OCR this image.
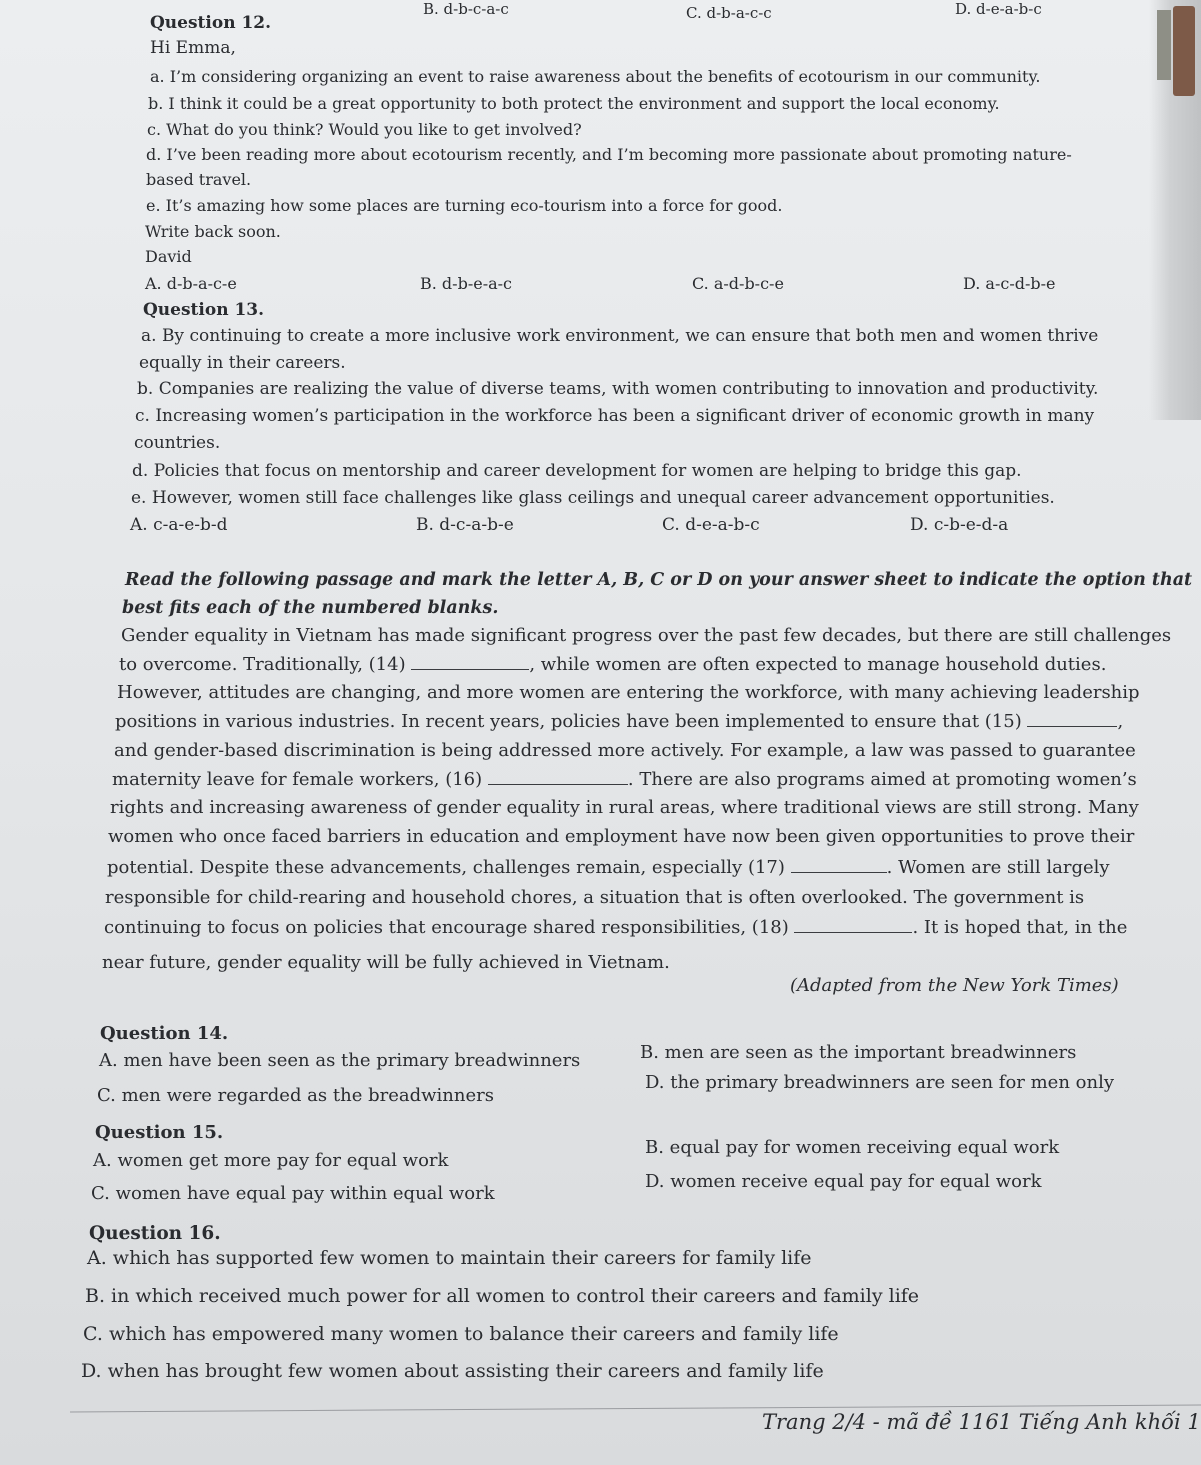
B. d-b-c-a-c	C. d-b-a-c-c	D. d-e-a-b-c
Question 12.
Hi Emma,
a. I’m considering organizing an event to raise awareness about the benefits of ecotourism in our community.
b. I think it could be a great opportunity to both protect the environment and support the local economy.
c. What do you think? Would you like to get involved?
d. I’ve been reading more about ecotourism recently, and I’m becoming more passionate about promoting nature-
based travel.
e. It’s amazing how some places are turning eco-tourism into a force for good.
Write back soon.
David
A. d-b-a-c-e	B. d-b-e-a-c	C. a-d-b-c-e	D. a-c-d-b-e
Question 13.
a. By continuing to create a more inclusive work environment, we can ensure that both men and women thrive
equally in their careers.
b. Companies are realizing the value of diverse teams, with women contributing to innovation and productivity.
c. Increasing women’s participation in the workforce has been a significant driver of economic growth in many
countries.
d. Policies that focus on mentorship and career development for women are helping to bridge this gap.
e. However, women still face challenges like glass ceilings and unequal career advancement opportunities.
A. c-a-e-b-d	B. d-c-a-b-e	C. d-e-a-b-c	D. c-b-e-d-a
Read the following passage and mark the letter A, B, C or D on your answer sheet to indicate the option that
best fits each of the numbered blanks.
Gender equality in Vietnam has made significant progress over the past few decades, but there are still challenges
to overcome. Traditionally, (14)	, while women are often expected to manage household duties.
However, attitudes are changing, and more women are entering the workforce, with many achieving leadership
positions in various industries. In recent years, policies have been implemented to ensure that (15)	,
and gender-based discrimination is being addressed more actively. For example, a law was passed to guarantee
maternity leave for female workers, (16)	. There are also programs aimed at promoting women’s
rights and increasing awareness of gender equality in rural areas, where traditional views are still strong. Many
women who once faced barriers in education and employment have now been given opportunities to prove their
potential. Despite these advancements, challenges remain, especially (17)	. Women are still largely
responsible for child-rearing and household chores, a situation that is often overlooked. The government is
continuing to focus on policies that encourage shared responsibilities, (18)	. It is hoped that, in the
near future, gender equality will be fully achieved in Vietnam.
(Adapted from the New York Times)
Question 14.
A. men have been seen as the primary breadwinners	B. men are seen as the important breadwinners
C. men were regarded as the breadwinners
D. the primary breadwinners are seen for men only
Question 15.
A. women get more pay for equal work
B. equal pay for women receiving equal work
C. women have equal pay within equal work
D. women receive equal pay for equal work
Question 16.
A. which has supported few women to maintain their careers for family life
B. in which received much power for all women to control their careers and family life
C. which has empowered many women to balance their careers and family life
D. when has brought few women about assisting their careers and family life
Trang 2/4 - mã đề 1161 Tiếng Anh khối 1
